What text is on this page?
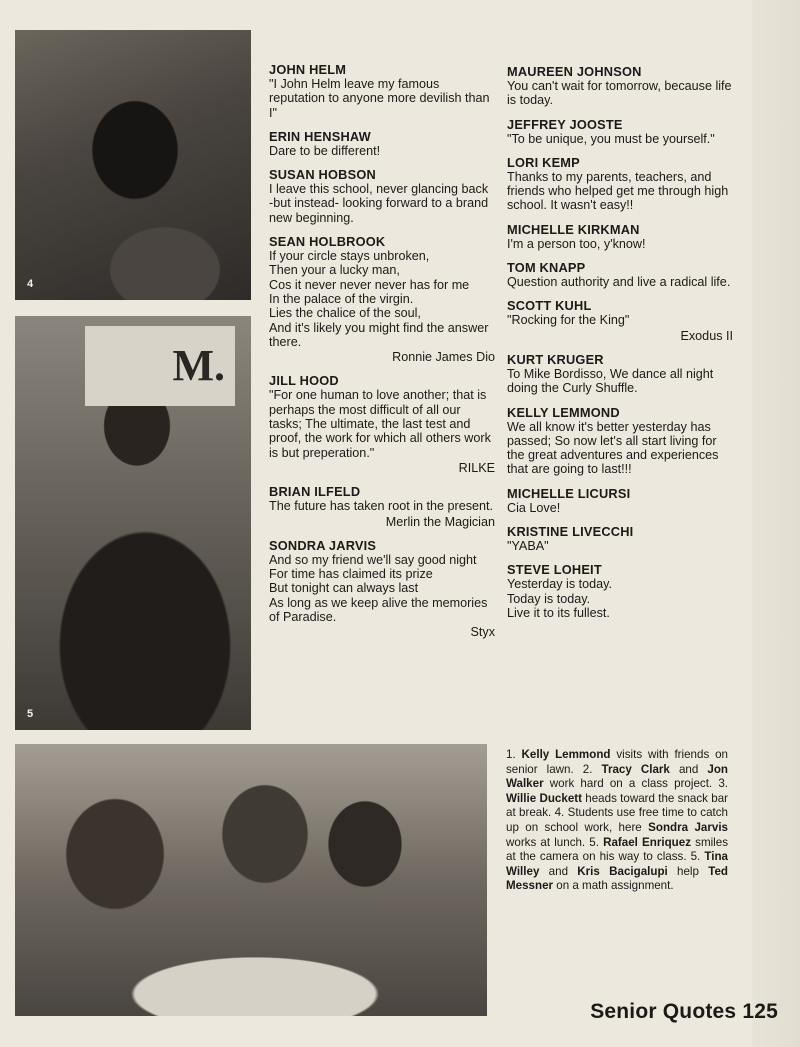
4
M.
5
JOHN HELM
"I John Helm leave my famous reputation to anyone more devilish than I"
ERIN HENSHAW
Dare to be different!
SUSAN HOBSON
I leave this school, never glancing back -but instead- looking forward to a brand new beginning.
SEAN HOLBROOK
If your circle stays unbroken,
Then your a lucky man,
Cos it never never never has for me
In the palace of the virgin.
Lies the chalice of the soul,
And it's likely you might find the answer there.
Ronnie James Dio
JILL HOOD
"For one human to love another; that is perhaps the most difficult of all our tasks; The ultimate, the last test and proof, the work for which all others work is but preperation."
RILKE
BRIAN ILFELD
The future has taken root in the present.
Merlin the Magician
SONDRA JARVIS
And so my friend we'll say good night
For time has claimed its prize
But tonight can always last
As long as we keep alive the memories of Paradise.
Styx
MAUREEN JOHNSON
You can't wait for tomorrow, because life is today.
JEFFREY JOOSTE
"To be unique, you must be yourself."
LORI KEMP
Thanks to my parents, teachers, and friends who helped get me through high school. It wasn't easy!!
MICHELLE KIRKMAN
I'm a person too, y'know!
TOM KNAPP
Question authority and live a radical life.
SCOTT KUHL
"Rocking for the King"
Exodus II
KURT KRUGER
To Mike Bordisso, We dance all night doing the Curly Shuffle.
KELLY LEMMOND
We all know it's better yesterday has passed; So now let's all start living for the great adventures and experiences that are going to last!!!
MICHELLE LICURSI
Cia Love!
KRISTINE LIVECCHI
"YABA"
STEVE LOHEIT
Yesterday is today.
Today is today.
Live it to its fullest.
1. Kelly Lemmond visits with friends on senior lawn. 2. Tracy Clark and Jon Walker work hard on a class project. 3. Willie Duckett heads toward the snack bar at break. 4. Students use free time to catch up on school work, here Sondra Jarvis works at lunch. 5. Rafael Enriquez smiles at the camera on his way to class. 5. Tina Willey and Kris Bacigalupi help Ted Messner on a math assignment.
Senior Quotes 125
